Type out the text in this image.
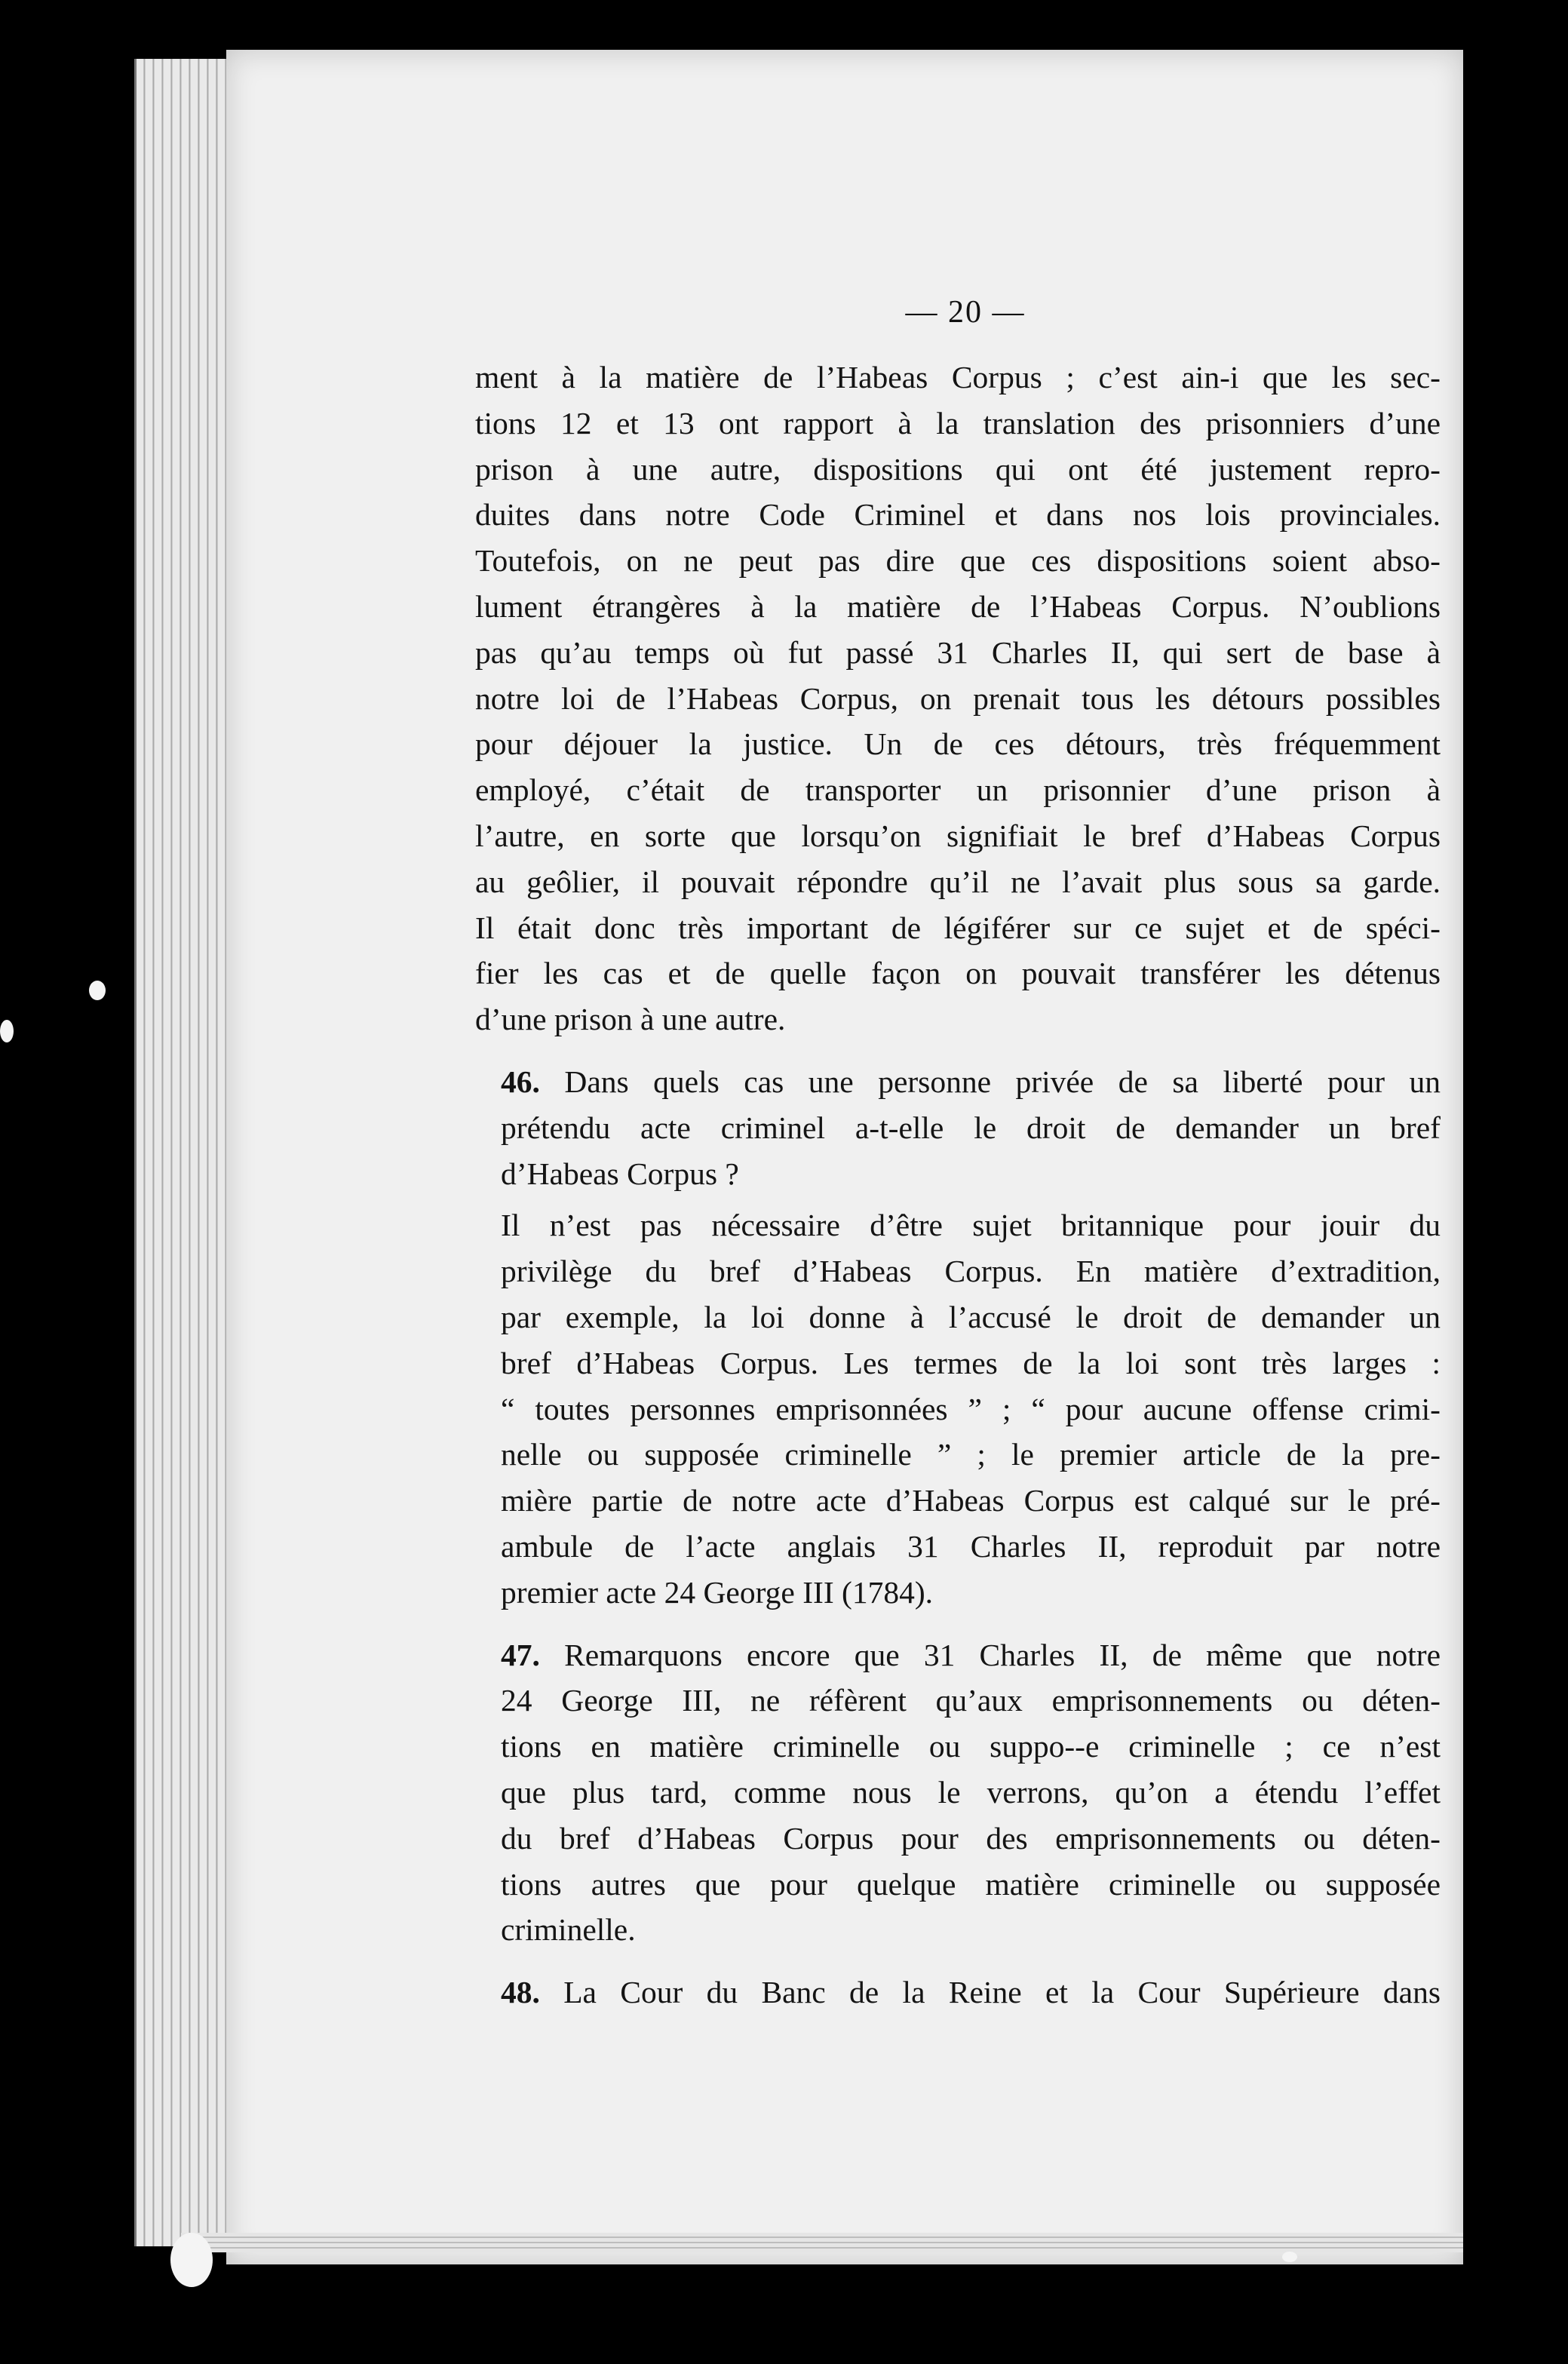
— 20 —

ment à la matière de l’Habeas Corpus ; c’est ain-i que les sec-
tions 12 et 13 ont rapport à la translation des prisonniers d’une
prison à une autre, dispositions qui ont été justement repro-
duites dans notre Code Criminel et dans nos lois provinciales.
Toutefois, on ne peut pas dire que ces dispositions soient abso-
lument étrangères à la matière de l’Habeas Corpus. N’oublions
pas qu’au temps où fut passé 31 Charles II, qui sert de base à
notre loi de l’Habeas Corpus, on prenait tous les détours possibles
pour déjouer la justice. Un de ces détours, très fréquemment
employé, c’était de transporter un prisonnier d’une prison à
l’autre, en sorte que lorsqu’on signifiait le bref d’Habeas Corpus
au geôlier, il pouvait répondre qu’il ne l’avait plus sous sa garde.
Il était donc très important de légiférer sur ce sujet et de spéci-
fier les cas et de quelle façon on pouvait transférer les détenus
d’une prison à une autre.

46. Dans quels cas une personne privée de sa liberté pour un
prétendu acte criminel a-t-elle le droit de demander un bref
d’Habeas Corpus ?

Il n’est pas nécessaire d’être sujet britannique pour jouir du
privilège du bref d’Habeas Corpus. En matière d’extradition,
par exemple, la loi donne à l’accusé le droit de demander un
bref d’Habeas Corpus. Les termes de la loi sont très larges :
“ toutes personnes emprisonnées ” ; “ pour aucune offense crimi-
nelle ou supposée criminelle ” ; le premier article de la pre-
mière partie de notre acte d’Habeas Corpus est calqué sur le pré-
ambule de l’acte anglais 31 Charles II, reproduit par notre
premier acte 24 George III (1784).

47. Remarquons encore que 31 Charles II, de même que notre
24 George III, ne réfèrent qu’aux emprisonnements ou déten-
tions en matière criminelle ou suppo--e criminelle ; ce n’est
que plus tard, comme nous le verrons, qu’on a étendu l’effet
du bref d’Habeas Corpus pour des emprisonnements ou déten-
tions autres que pour quelque matière criminelle ou supposée
criminelle.

48. La Cour du Banc de la Reine et la Cour Supérieure dans
